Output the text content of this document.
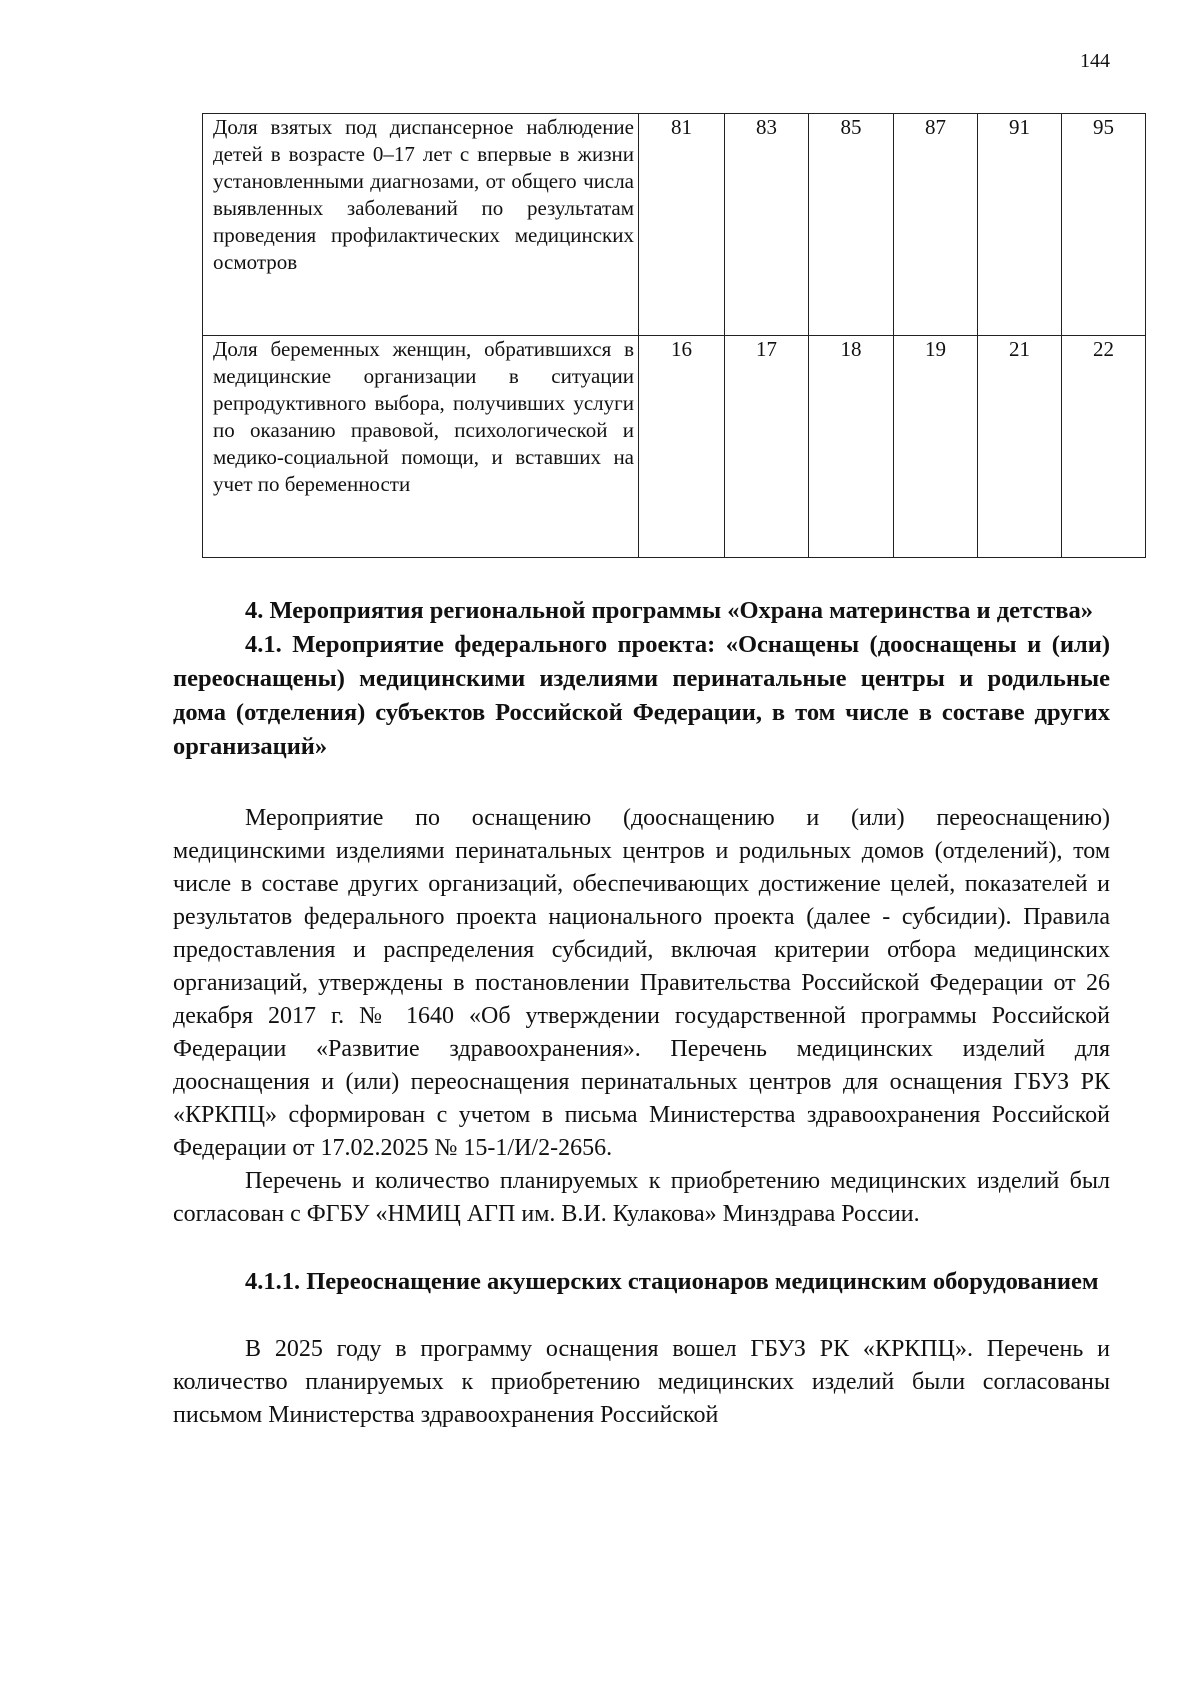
144
Доля взятых под диспансерное наблюдение детей в возрасте 0–17 лет с впервые в жизни установленными диагнозами, от общего числа выявленных заболеваний по результатам проведения профилактических медицинских осмотров	81	83	85	87	91	95
Доля беременных женщин, обратившихся в медицинские организации в ситуации репродуктивного выбора, получивших услуги по оказанию правовой, психологической и медико-социальной помощи, и вставших на учет по беременности	16	17	18	19	21	22

4. Мероприятия региональной программы «Охрана материнства и детства»

4.1. Мероприятие федерального проекта: «Оснащены (дооснащены и (или) переоснащены) медицинскими изделиями перинатальные центры и родильные дома (отделения) субъектов Российской Федерации, в том числе в составе других организаций»

Мероприятие по оснащению (дооснащению и (или) переоснащению) медицинскими изделиями перинатальных центров и родильных домов (отделений), том числе в составе других организаций, обеспечивающих достижение целей, показателей и результатов федерального проекта национального проекта (далее - субсидии). Правила предоставления и распределения субсидий, включая критерии отбора медицинских организаций, утверждены в постановлении Правительства Российской Федерации от 26 декабря 2017 г. № 1640 «Об утверждении государственной программы Российской Федерации «Развитие здравоохранения». Перечень медицинских изделий для дооснащения и (или) переоснащения перинатальных центров для оснащения ГБУЗ РК «КРКПЦ» сформирован с учетом в письма Министерства здравоохранения Российской Федерации от 17.02.2025 № 15-1/И/2-2656.

Перечень и количество планируемых к приобретению медицинских изделий был согласован с ФГБУ «НМИЦ АГП им. В.И. Кулакова» Минздрава России.

4.1.1. Переоснащение акушерских стационаров медицинским оборудованием

В 2025 году в программу оснащения вошел ГБУЗ РК «КРКПЦ». Перечень и количество планируемых к приобретению медицинских изделий были согласованы письмом Министерства здравоохранения Российской
